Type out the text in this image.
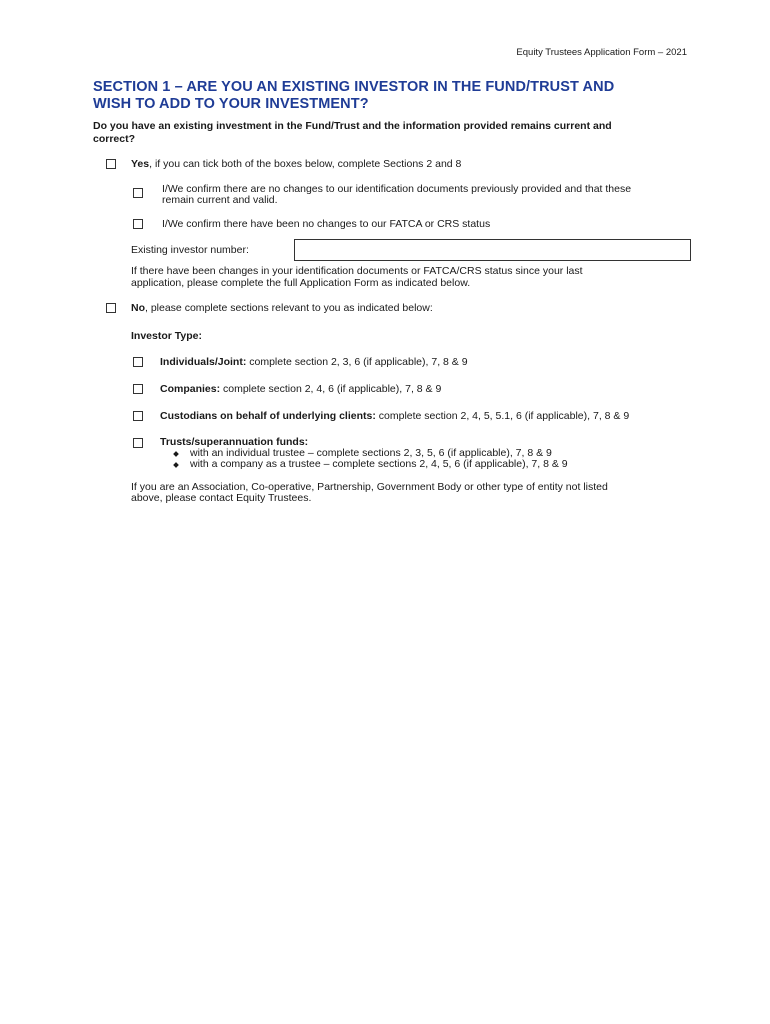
Equity Trustees Application Form – 2021
SECTION 1 – ARE YOU AN EXISTING INVESTOR IN THE FUND/TRUST AND
WISH TO ADD TO YOUR INVESTMENT?

Do you have an existing investment in the Fund/Trust and the information provided remains current and
correct?

Yes, if you can tick both of the boxes below, complete Sections 2 and 8
I/We confirm there are no changes to our identification documents previously provided and that these
remain current and valid.
I/We confirm there have been no changes to our FATCA or CRS status
Existing investor number:
If there have been changes in your identification documents or FATCA/CRS status since your last
application, please complete the full Application Form as indicated below.
No, please complete sections relevant to you as indicated below:
Investor Type:
Individuals/Joint: complete section 2, 3, 6 (if applicable), 7, 8 & 9
Companies: complete section 2, 4, 6 (if applicable), 7, 8 & 9
Custodians on behalf of underlying clients: complete section 2, 4, 5, 5.1, 6 (if applicable), 7, 8 & 9
Trusts/superannuation funds:
with an individual trustee – complete sections 2, 3, 5, 6 (if applicable), 7, 8 & 9
with a company as a trustee – complete sections 2, 4, 5, 6 (if applicable), 7, 8 & 9
If you are an Association, Co-operative, Partnership, Government Body or other type of entity not listed
above, please contact Equity Trustees.
